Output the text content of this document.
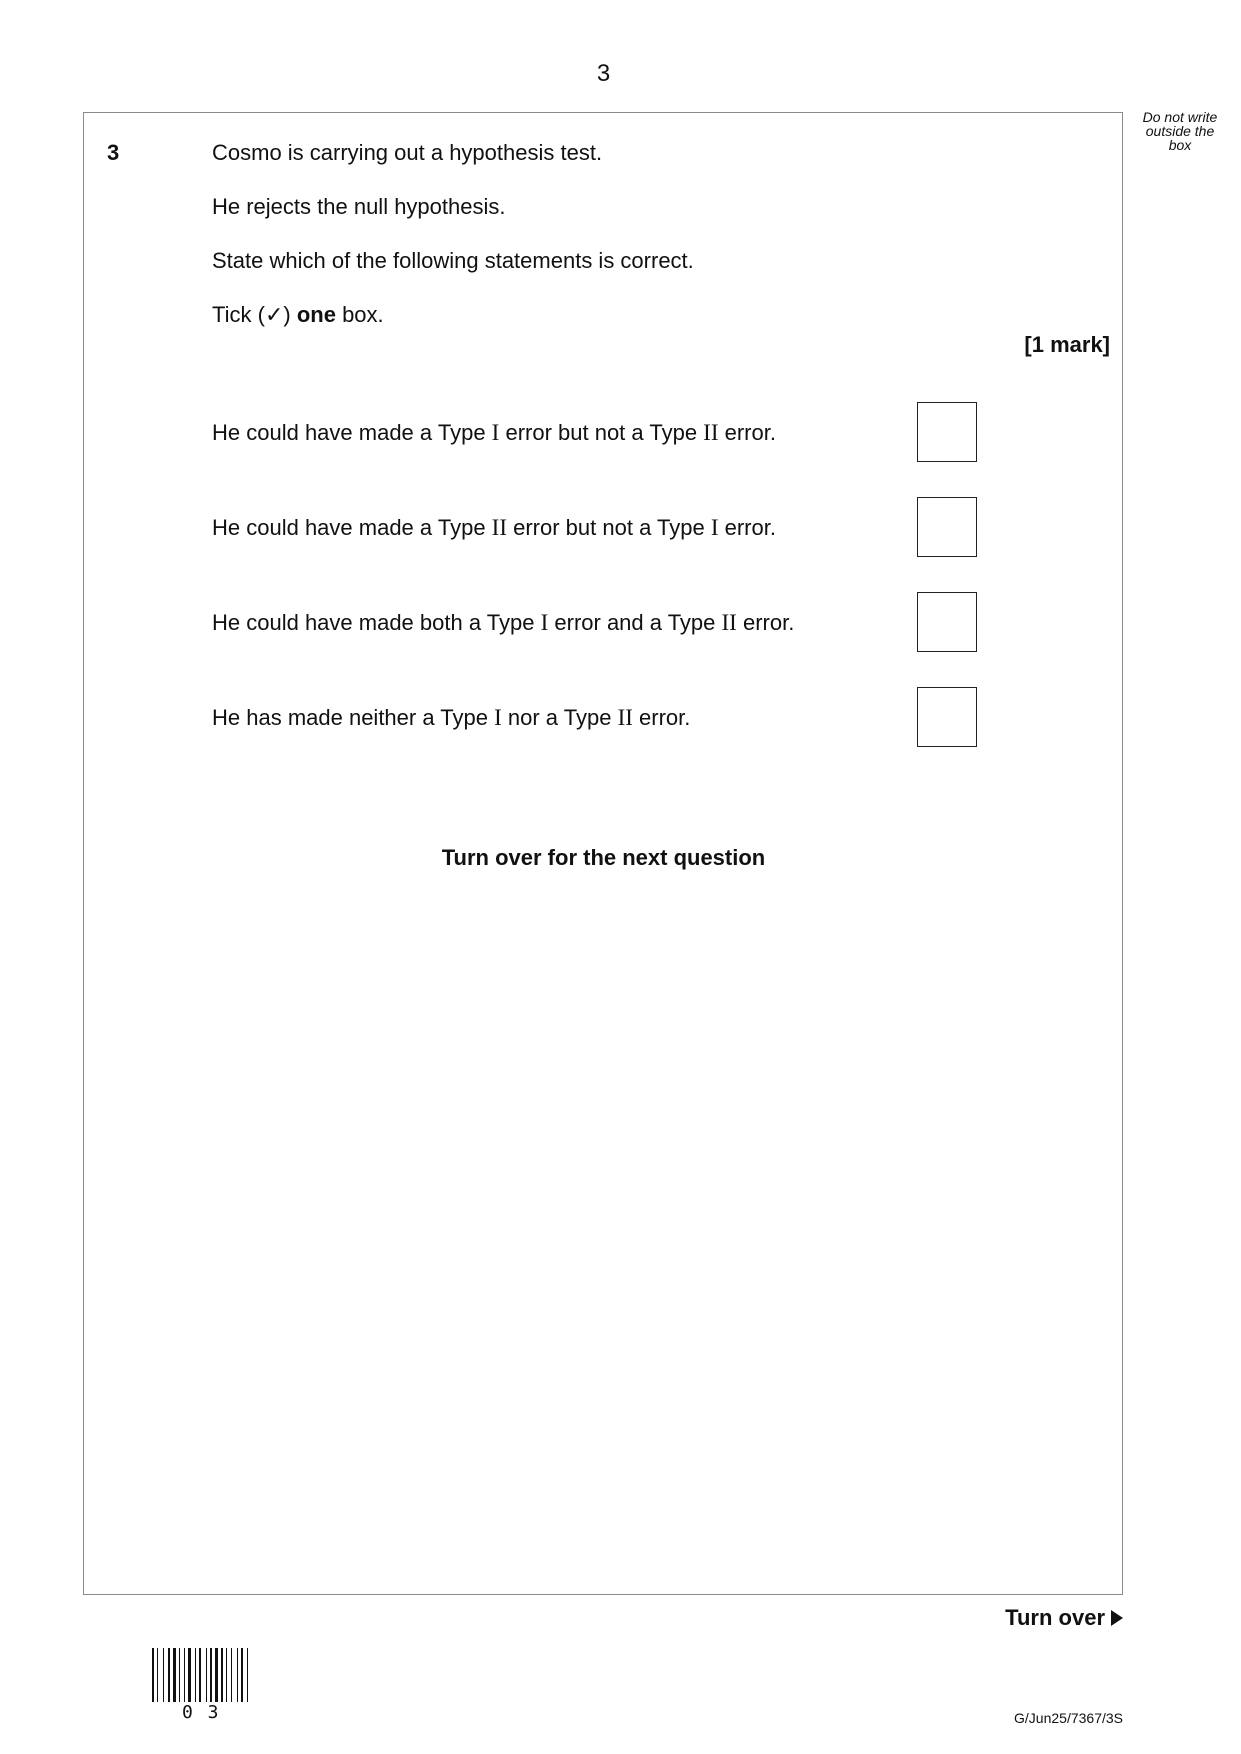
3
Do not write outside the box
3	Cosmo is carrying out a hypothesis test.
He rejects the null hypothesis.
State which of the following statements is correct.
Tick (✓) one box.
[1 mark]
He could have made a Type I error but not a Type II error.
He could have made a Type II error but not a Type I error.
He could have made both a Type I error and a Type II error.
He has made neither a Type I nor a Type II error.
Turn over for the next question
Turn over
0 3	G/Jun25/7367/3S
